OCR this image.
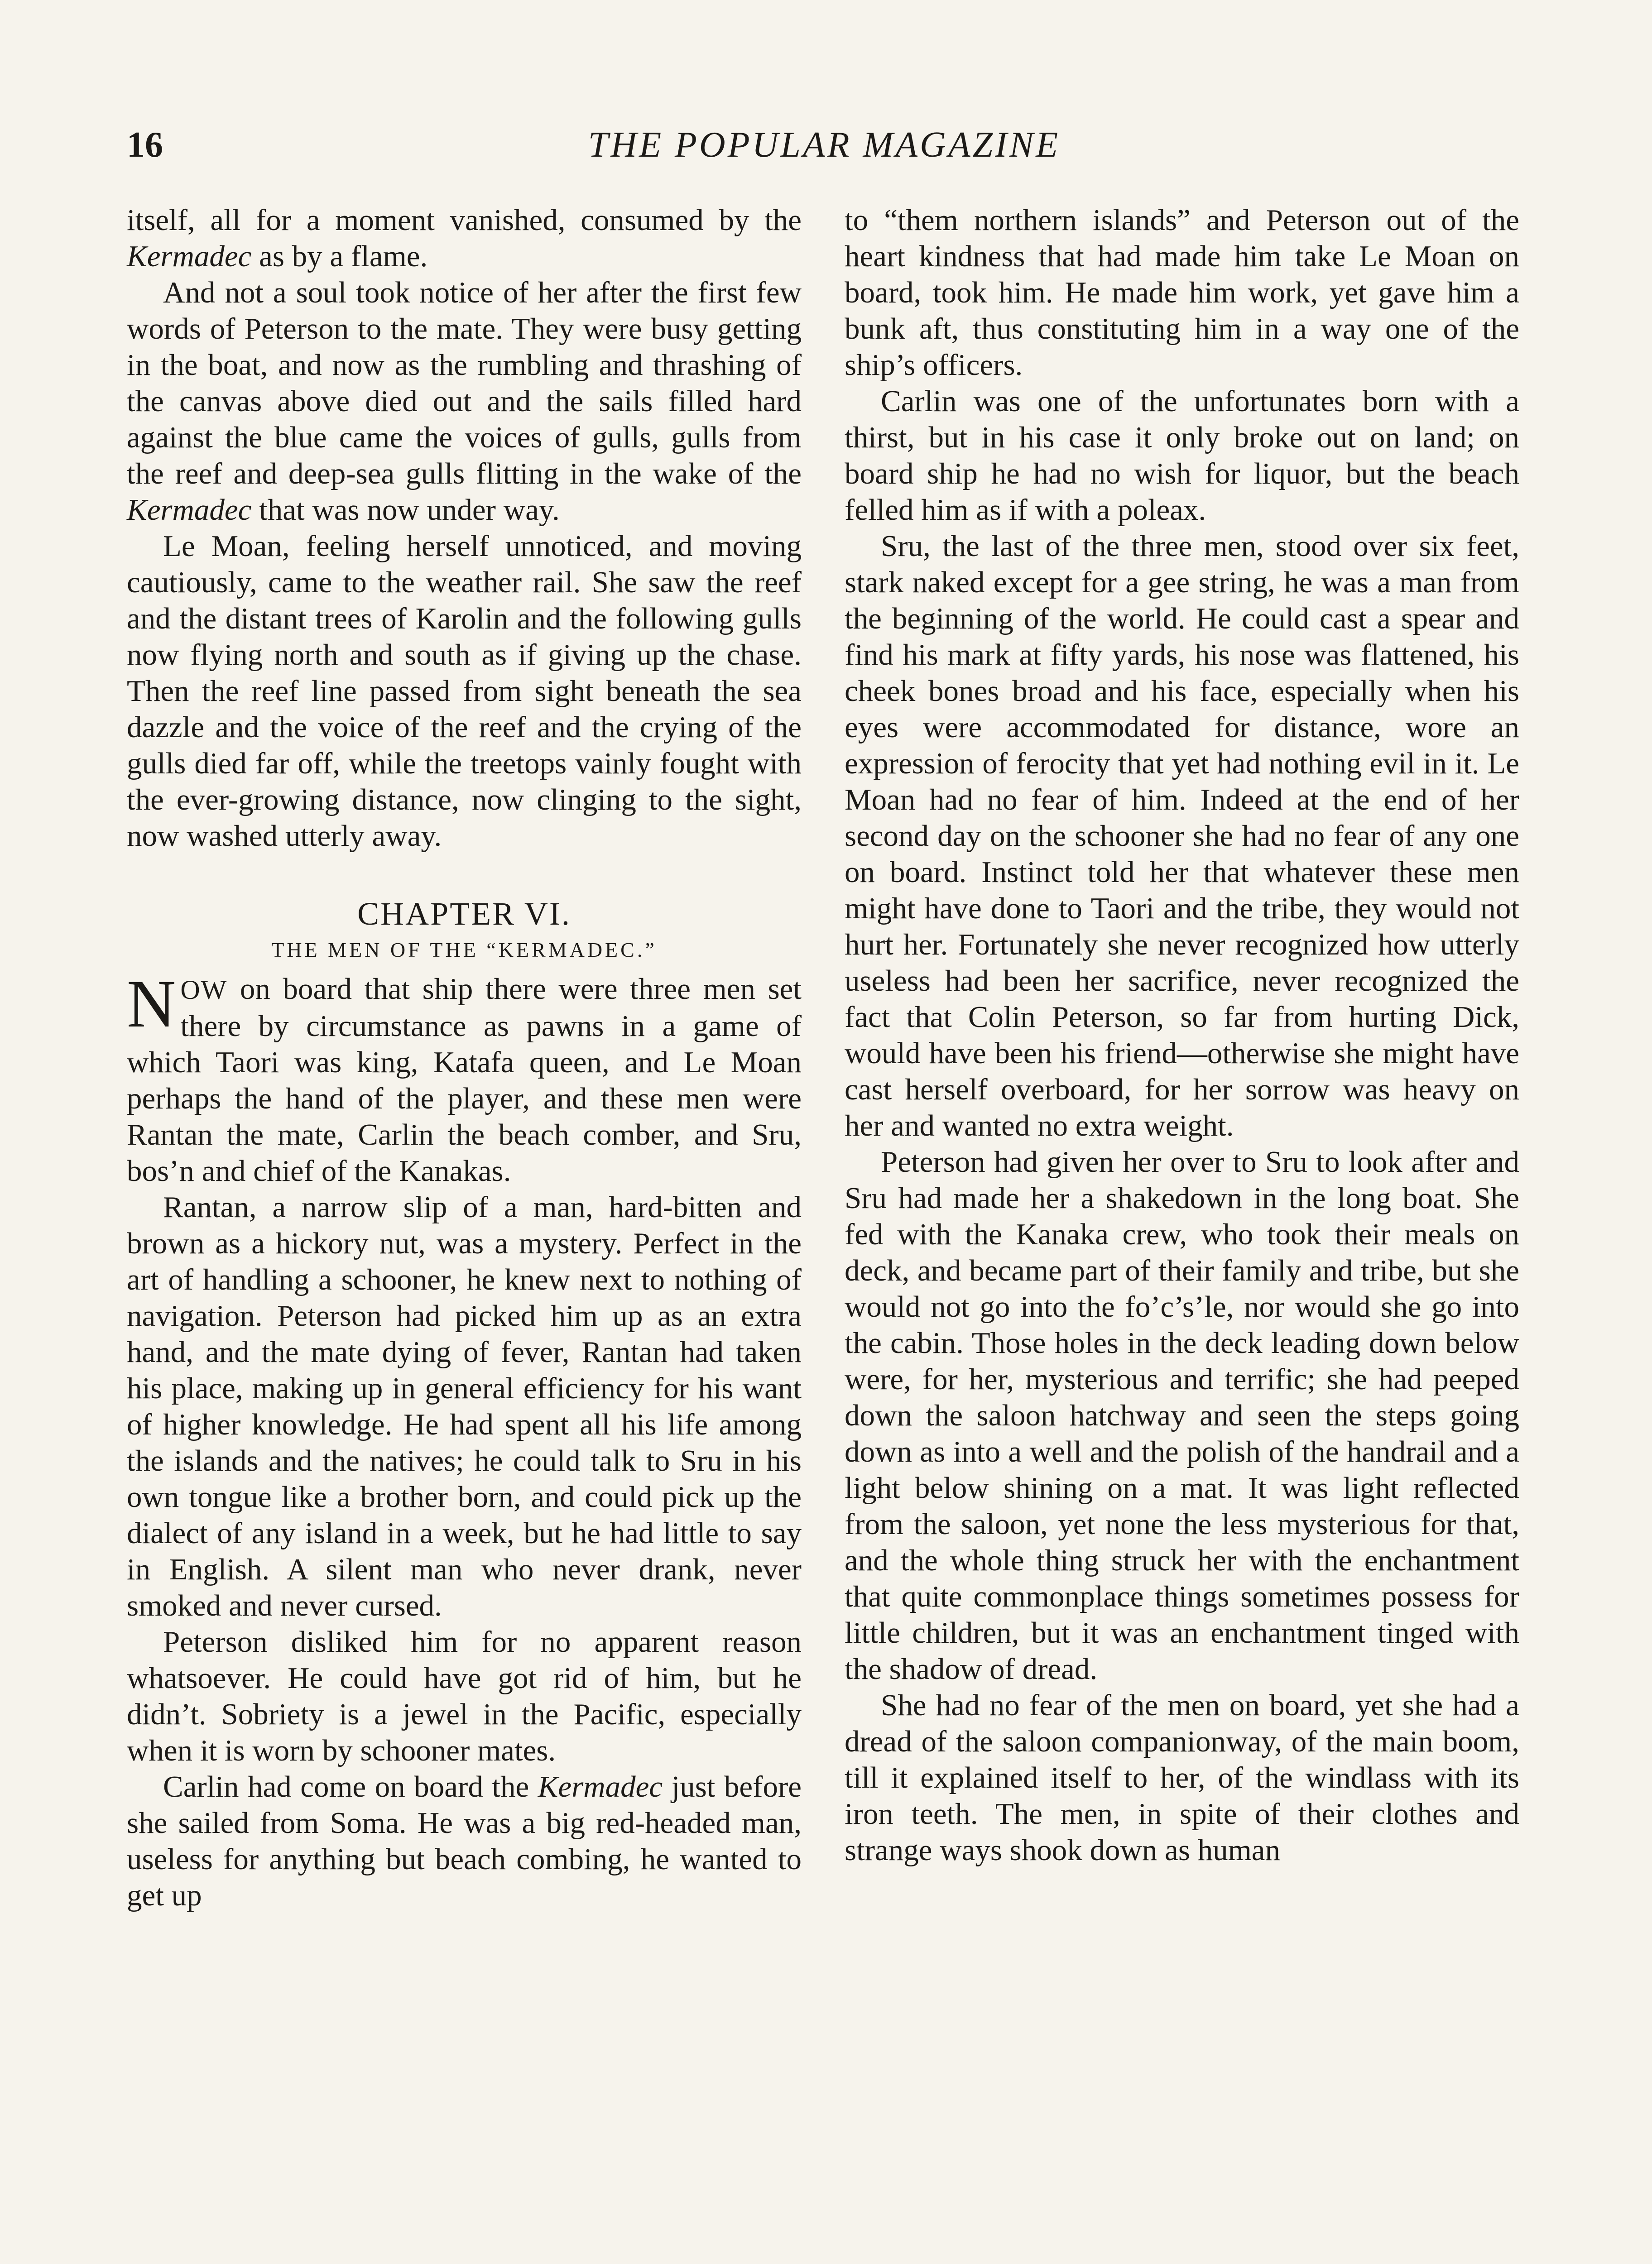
16	THE POPULAR MAGAZINE

itself, all for a moment vanished, consumed by the Kermadec as by a flame.

And not a soul took notice of her after the first few words of Peterson to the mate. They were busy getting in the boat, and now as the rumbling and thrashing of the canvas above died out and the sails filled hard against the blue came the voices of gulls, gulls from the reef and deep-sea gulls flitting in the wake of the Kermadec that was now under way.

Le Moan, feeling herself unnoticed, and moving cautiously, came to the weather rail. She saw the reef and the distant trees of Karolin and the following gulls now flying north and south as if giving up the chase. Then the reef line passed from sight beneath the sea dazzle and the voice of the reef and the crying of the gulls died far off, while the treetops vainly fought with the ever-growing distance, now clinging to the sight, now washed utterly away.

CHAPTER VI.
THE MEN OF THE “KERMADEC.”

NOW on board that ship there were three men set there by circumstance as pawns in a game of which Taori was king, Katafa queen, and Le Moan perhaps the hand of the player, and these men were Rantan the mate, Carlin the beach comber, and Sru, bos’n and chief of the Kanakas.

Rantan, a narrow slip of a man, hard-bitten and brown as a hickory nut, was a mystery. Perfect in the art of handling a schooner, he knew next to nothing of navigation. Peterson had picked him up as an extra hand, and the mate dying of fever, Rantan had taken his place, making up in general efficiency for his want of higher knowledge. He had spent all his life among the islands and the natives; he could talk to Sru in his own tongue like a brother born, and could pick up the dialect of any island in a week, but he had little to say in English. A silent man who never drank, never smoked and never cursed.

Peterson disliked him for no apparent reason whatsoever. He could have got rid of him, but he didn’t. Sobriety is a jewel in the Pacific, especially when it is worn by schooner mates.

Carlin had come on board the Kermadec just before she sailed from Soma. He was a big red-headed man, useless for anything but beach combing, he wanted to get up

to “them northern islands” and Peterson out of the heart kindness that had made him take Le Moan on board, took him. He made him work, yet gave him a bunk aft, thus constituting him in a way one of the ship’s officers.

Carlin was one of the unfortunates born with a thirst, but in his case it only broke out on land; on board ship he had no wish for liquor, but the beach felled him as if with a poleax.

Sru, the last of the three men, stood over six feet, stark naked except for a gee string, he was a man from the beginning of the world. He could cast a spear and find his mark at fifty yards, his nose was flattened, his cheek bones broad and his face, especially when his eyes were accommodated for distance, wore an expression of ferocity that yet had nothing evil in it. Le Moan had no fear of him. Indeed at the end of her second day on the schooner she had no fear of any one on board. Instinct told her that whatever these men might have done to Taori and the tribe, they would not hurt her. Fortunately she never recognized how utterly useless had been her sacrifice, never recognized the fact that Colin Peterson, so far from hurting Dick, would have been his friend—otherwise she might have cast herself overboard, for her sorrow was heavy on her and wanted no extra weight.

Peterson had given her over to Sru to look after and Sru had made her a shakedown in the long boat. She fed with the Kanaka crew, who took their meals on deck, and became part of their family and tribe, but she would not go into the fo’c’s’le, nor would she go into the cabin. Those holes in the deck leading down below were, for her, mysterious and terrific; she had peeped down the saloon hatchway and seen the steps going down as into a well and the polish of the handrail and a light below shining on a mat. It was light reflected from the saloon, yet none the less mysterious for that, and the whole thing struck her with the enchantment that quite commonplace things sometimes possess for little children, but it was an enchantment tinged with the shadow of dread.

She had no fear of the men on board, yet she had a dread of the saloon companionway, of the main boom, till it explained itself to her, of the windlass with its iron teeth. The men, in spite of their clothes and strange ways shook down as human
